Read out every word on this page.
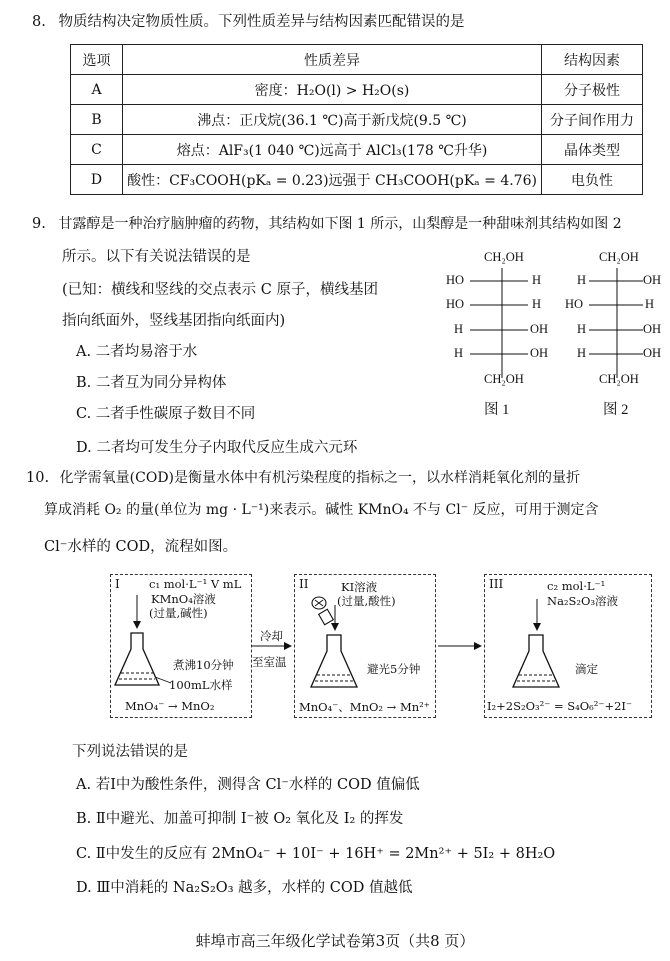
8. 物质结构决定物质性质。下列性质差异与结构因素匹配错误的是
选项	性质差异	结构因素
A	密度：H₂O(l) > H₂O(s)	分子极性
B	沸点：正戊烷(36.1 ℃)高于新戊烷(9.5 ℃)	分子间作用力
C	熔点：AlF₃(1 040 ℃)远高于 AlCl₃(178 ℃升华)	晶体类型
D	酸性：CF₃COOH(pKₐ = 0.23)远强于 CH₃COOH(pKₐ = 4.76)	电负性
9. 甘露醇是一种治疗脑肿瘤的药物，其结构如下图 1 所示，山梨醇是一种甜味剂其结构如图 2
所示。以下有关说法错误的是
(已知：横线和竖线的交点表示 C 原子，横线基团
指向纸面外，竖线基团指向纸面内)
A. 二者均易溶于水
B. 二者互为同分异构体
C. 二者手性碳原子数目不同
D. 二者均可发生分子内取代反应生成六元环
CH₂OH
HO	H
HO	H
H	OH
H	OH
CH₂OH
图 1
CH₂OH
H	OH
HO	H
H	OH
H	OH
CH₂OH
图 2
10. 化学需氧量(COD)是衡量水体中有机污染程度的指标之一，以水样消耗氧化剂的量折
算成消耗 O₂ 的量(单位为 mg · L⁻¹)来表示。碱性 KMnO₄ 不与 Cl⁻ 反应，可用于测定含
Cl⁻水样的 COD，流程如图。
I	c₁ mol·L⁻¹ V mL
KMnO₄溶液
(过量,碱性)
煮沸10分钟
100mL水样
MnO₄⁻ → MnO₂
冷却
至室温
II	KI溶液
(过量,酸性)
避光5分钟
MnO₄⁻、MnO₂ → Mn²⁺
III	c₂ mol·L⁻¹
Na₂S₂O₃溶液
滴定
I₂+2S₂O₃²⁻ = S₄O₆²⁻+2I⁻
下列说法错误的是
A. 若Ⅰ中为酸性条件，测得含 Cl⁻水样的 COD 值偏低
B. Ⅱ中避光、加盖可抑制 I⁻被 O₂ 氧化及 I₂ 的挥发
C. Ⅱ中发生的反应有 2MnO₄⁻ + 10I⁻ + 16H⁺ = 2Mn²⁺ + 5I₂ + 8H₂O
D. Ⅲ中消耗的 Na₂S₂O₃ 越多，水样的 COD 值越低
蚌埠市高三年级化学试卷第3页（共8 页）
